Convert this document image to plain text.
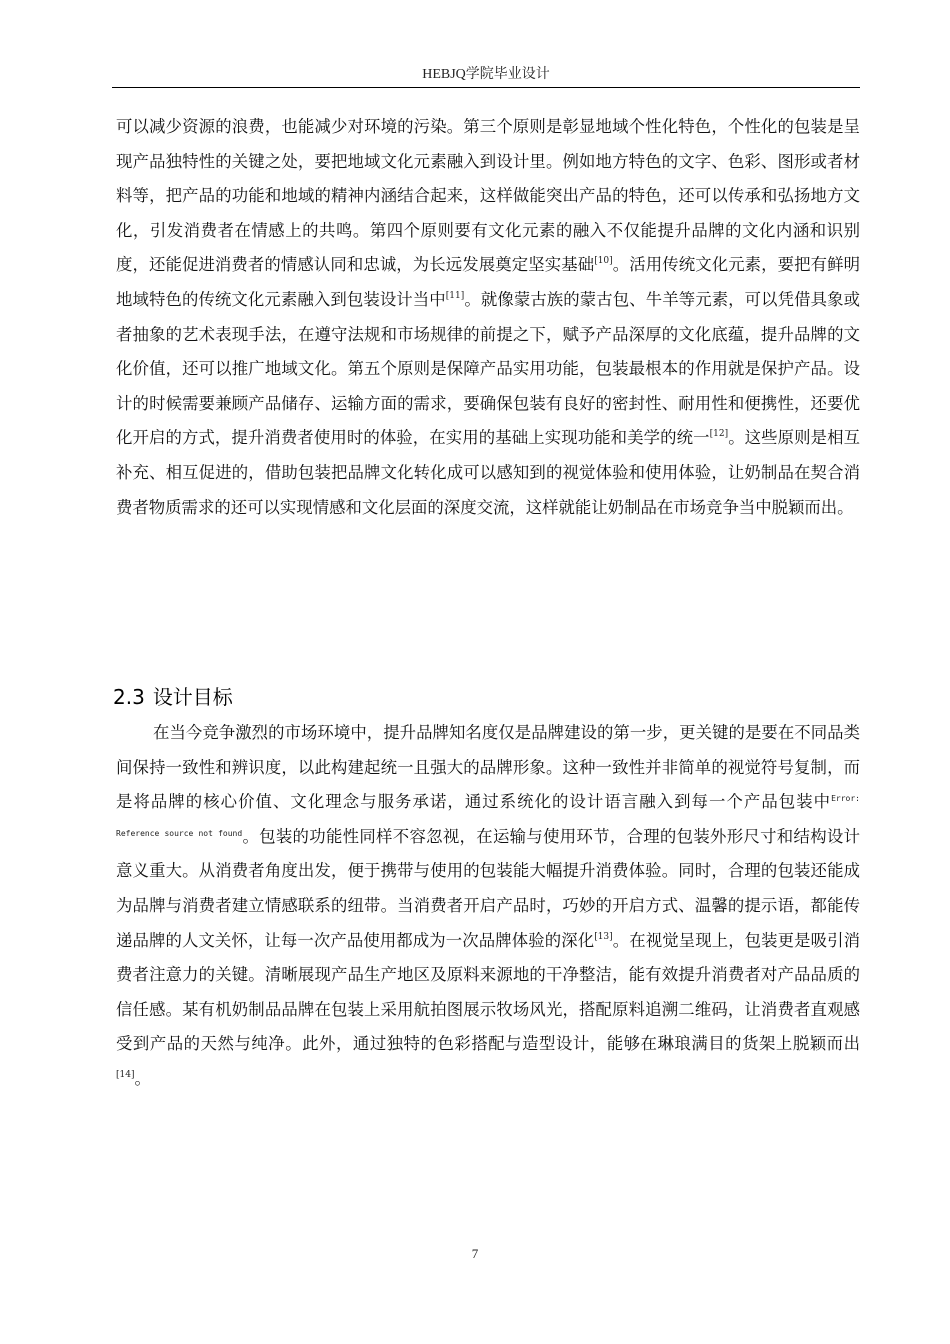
HEBJQ学院毕业设计

可以减少资源的浪费，也能减少对环境的污染。第三个原则是彰显地域个性化特色，个性化的包装是呈现产品独特性的关键之处，要把地域文化元素融入到设计里。例如地方特色的文字、色彩、图形或者材料等，把产品的功能和地域的精神内涵结合起来，这样做能突出产品的特色，还可以传承和弘扬地方文化，引发消费者在情感上的共鸣。第四个原则要有文化元素的融入不仅能提升品牌的文化内涵和识别度，还能促进消费者的情感认同和忠诚，为长远发展奠定坚实基础[10]。活用传统文化元素，要把有鲜明地域特色的传统文化元素融入到包装设计当中[11]。就像蒙古族的蒙古包、牛羊等元素，可以凭借具象或者抽象的艺术表现手法，在遵守法规和市场规律的前提之下，赋予产品深厚的文化底蕴，提升品牌的文化价值，还可以推广地域文化。第五个原则是保障产品实用功能，包装最根本的作用就是保护产品。设计的时候需要兼顾产品储存、运输方面的需求，要确保包装有良好的密封性、耐用性和便携性，还要优化开启的方式，提升消费者使用时的体验，在实用的基础上实现功能和美学的统一[12]。这些原则是相互补充、相互促进的，借助包装把品牌文化转化成可以感知到的视觉体验和使用体验，让奶制品在契合消费者物质需求的还可以实现情感和文化层面的深度交流，这样就能让奶制品在市场竞争当中脱颖而出。

2.3 设计目标

在当今竞争激烈的市场环境中，提升品牌知名度仅是品牌建设的第一步，更关键的是要在不同品类间保持一致性和辨识度，以此构建起统一且强大的品牌形象。这种一致性并非简单的视觉符号复制，而是将品牌的核心价值、文化理念与服务承诺，通过系统化的设计语言融入到每一个产品包装中$^{Error: Reference source not found}$。包装的功能性同样不容忽视，在运输与使用环节，合理的包装外形尺寸和结构设计意义重大。从消费者角度出发，便于携带与使用的包装能大幅提升消费体验。同时，合理的包装还能成为品牌与消费者建立情感联系的纽带。当消费者开启产品时，巧妙的开启方式、温馨的提示语，都能传递品牌的人文关怀，让每一次产品使用都成为一次品牌体验的深化[13]。在视觉呈现上，包装更是吸引消费者注意力的关键。清晰展现产品生产地区及原料来源地的干净整洁，能有效提升消费者对产品品质的信任感。某有机奶制品品牌在包装上采用航拍图展示牧场风光，搭配原料追溯二维码，让消费者直观感受到产品的天然与纯净。此外，通过独特的色彩搭配与造型设计，能够在琳琅满目的货架上脱颖而出[14]。

7
